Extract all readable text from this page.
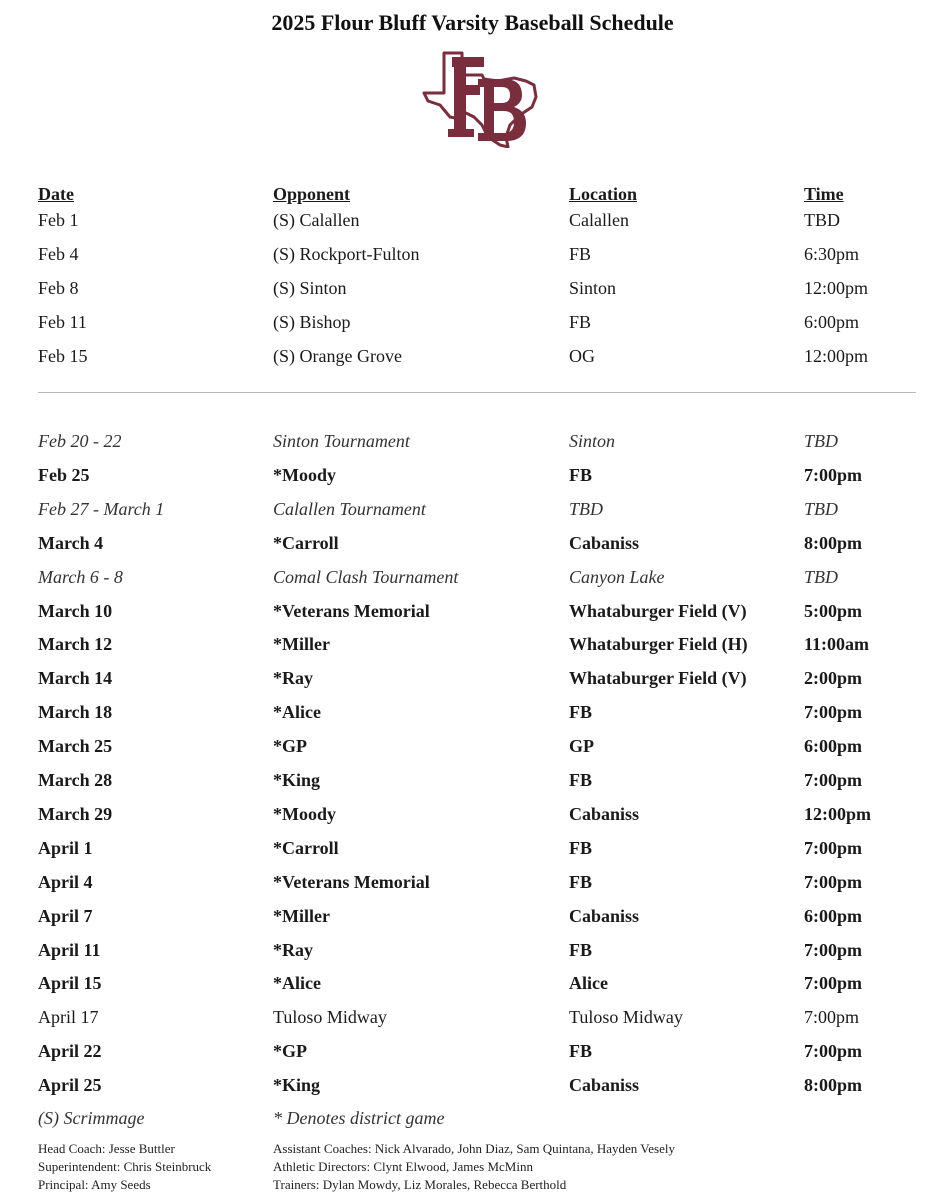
2025 Flour Bluff Varsity Baseball Schedule
Date	Opponent	Location	Time
Feb 1	(S) Calallen	Calallen	TBD
Feb 4	(S) Rockport-Fulton	FB	6:30pm
Feb 8	(S) Sinton	Sinton	12:00pm
Feb 11	(S) Bishop	FB	6:00pm
Feb 15	(S) Orange Grove	OG	12:00pm
Feb 20 - 22	Sinton Tournament	Sinton	TBD
Feb 25	*Moody	FB	7:00pm
Feb 27 - March 1	Calallen Tournament	TBD	TBD
March 4	*Carroll	Cabaniss	8:00pm
March 6 - 8	Comal Clash Tournament	Canyon Lake	TBD
March 10	*Veterans Memorial	Whataburger Field (V)	5:00pm
March 12	*Miller	Whataburger Field (H)	11:00am
March 14	*Ray	Whataburger Field (V)	2:00pm
March 18	*Alice	FB	7:00pm
March 25	*GP	GP	6:00pm
March 28	*King	FB	7:00pm
March 29	*Moody	Cabaniss	12:00pm
April 1	*Carroll	FB	7:00pm
April 4	*Veterans Memorial	FB	7:00pm
April 7	*Miller	Cabaniss	6:00pm
April 11	*Ray	FB	7:00pm
April 15	*Alice	Alice	7:00pm
April 17	Tuloso Midway	Tuloso Midway	7:00pm
April 22	*GP	FB	7:00pm
April 25	*King	Cabaniss	8:00pm
(S) Scrimmage	* Denotes district game
Head Coach: Jesse Buttler
Superintendent: Chris Steinbruck
Principal: Amy Seeds
Assistant Coaches: Nick Alvarado, John Diaz, Sam Quintana, Hayden Vesely
Athletic Directors: Clynt Elwood, James McMinn
Trainers: Dylan Mowdy, Liz Morales, Rebecca Berthold
